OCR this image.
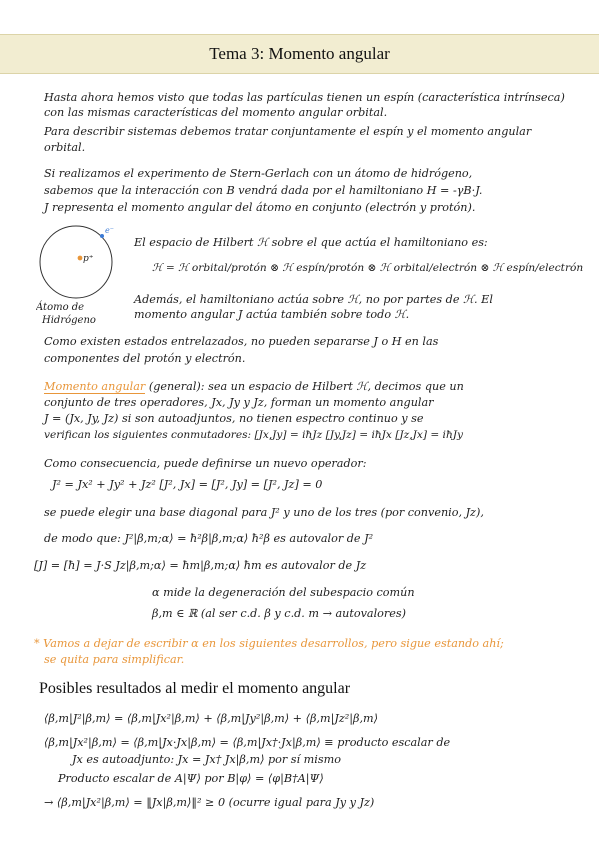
Tema 3: Momento angular
Hasta ahora hemos visto que todas las partículas tienen un espín (característica intrínseca)
con las mismas características del momento angular orbital.
Para describir sistemas debemos tratar conjuntamente el espín y el momento angular
orbital.
Si realizamos el experimento de Stern-Gerlach con un átomo de hidrógeno,
sabemos que la interacción con B vendrá dada por el hamiltoniano H = -γB·J.
J representa el momento angular del átomo en conjunto (electrón y protón).
p⁺
e⁻
Átomo de
Hidrógeno
El espacio de Hilbert ℋ sobre el que actúa el hamiltoniano es:
ℋ = ℋ orbital/protón ⊗ ℋ espín/protón ⊗ ℋ orbital/electrón ⊗ ℋ espín/electrón
Además, el hamiltoniano actúa sobre ℋ, no por partes de ℋ. El
momento angular J actúa también sobre todo ℋ.
Como existen estados entrelazados, no pueden separarse J o H en las
componentes del protón y electrón.
Momento angular (general): sea un espacio de Hilbert ℋ, decimos que un
conjunto de tres operadores, Jx, Jy y Jz, forman un momento angular
J = (Jx, Jy, Jz) si son autoadjuntos, no tienen espectro continuo y se
verifican los siguientes conmutadores: [Jx,Jy] = iħJz [Jy,Jz] = iħJx [Jz,Jx] = iħJy
Como consecuencia, puede definirse un nuevo operador:
J² = Jx² + Jy² + Jz² [J², Jx] = [J², Jy] = [J², Jz] = 0
se puede elegir una base diagonal para J² y uno de los tres (por convenio, Jz),
de modo que: J²|β,m;α⟩ = ħ²β|β,m;α⟩ ħ²β es autovalor de J²
[J] = [ħ] = J·S Jz|β,m;α⟩ = ħm|β,m;α⟩ ħm es autovalor de Jz
α mide la degeneración del subespacio común
β,m ∈ ℝ (al ser c.d. β y c.d. m → autovalores)
* Vamos a dejar de escribir α en los siguientes desarrollos, pero sigue estando ahí;
se quita para simplificar.
Posibles resultados al medir el momento angular
⟨β,m|J²|β,m⟩ = ⟨β,m|Jx²|β,m⟩ + ⟨β,m|Jy²|β,m⟩ + ⟨β,m|Jz²|β,m⟩
⟨β,m|Jx²|β,m⟩ = ⟨β,m|Jx·Jx|β,m⟩ = ⟨β,m|Jx†·Jx|β,m⟩ ≡ producto escalar de
Jx es autoadjunto: Jx = Jx† Jx|β,m⟩ por sí mismo
Producto escalar de A|Ψ⟩ por B|φ⟩ = ⟨φ|B†A|Ψ⟩
→ ⟨β,m|Jx²|β,m⟩ = ‖Jx|β,m⟩‖² ≥ 0 (ocurre igual para Jy y Jz)
